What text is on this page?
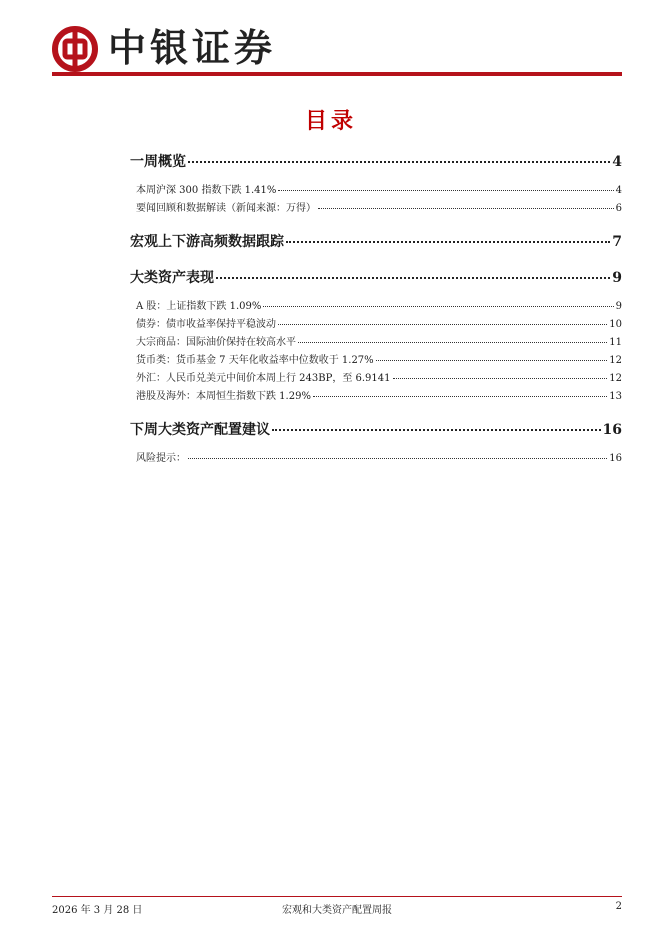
中银证券
目录
一周概览	4
本周沪深 300 指数下跌 1.41%	4
要闻回顾和数据解读（新闻来源：万得）	6
宏观上下游高频数据跟踪	7
大类资产表现	9
A 股：上证指数下跌 1.09%	9
债券：债市收益率保持平稳波动	10
大宗商品：国际油价保持在较高水平	11
货币类：货币基金 7 天年化收益率中位数收于 1.27%	12
外汇：人民币兑美元中间价本周上行 243BP，至 6.9141	12
港股及海外：本周恒生指数下跌 1.29%	13
下周大类资产配置建议	16
风险提示：	16
2026 年 3 月 28 日	宏观和大类资产配置周报	2
